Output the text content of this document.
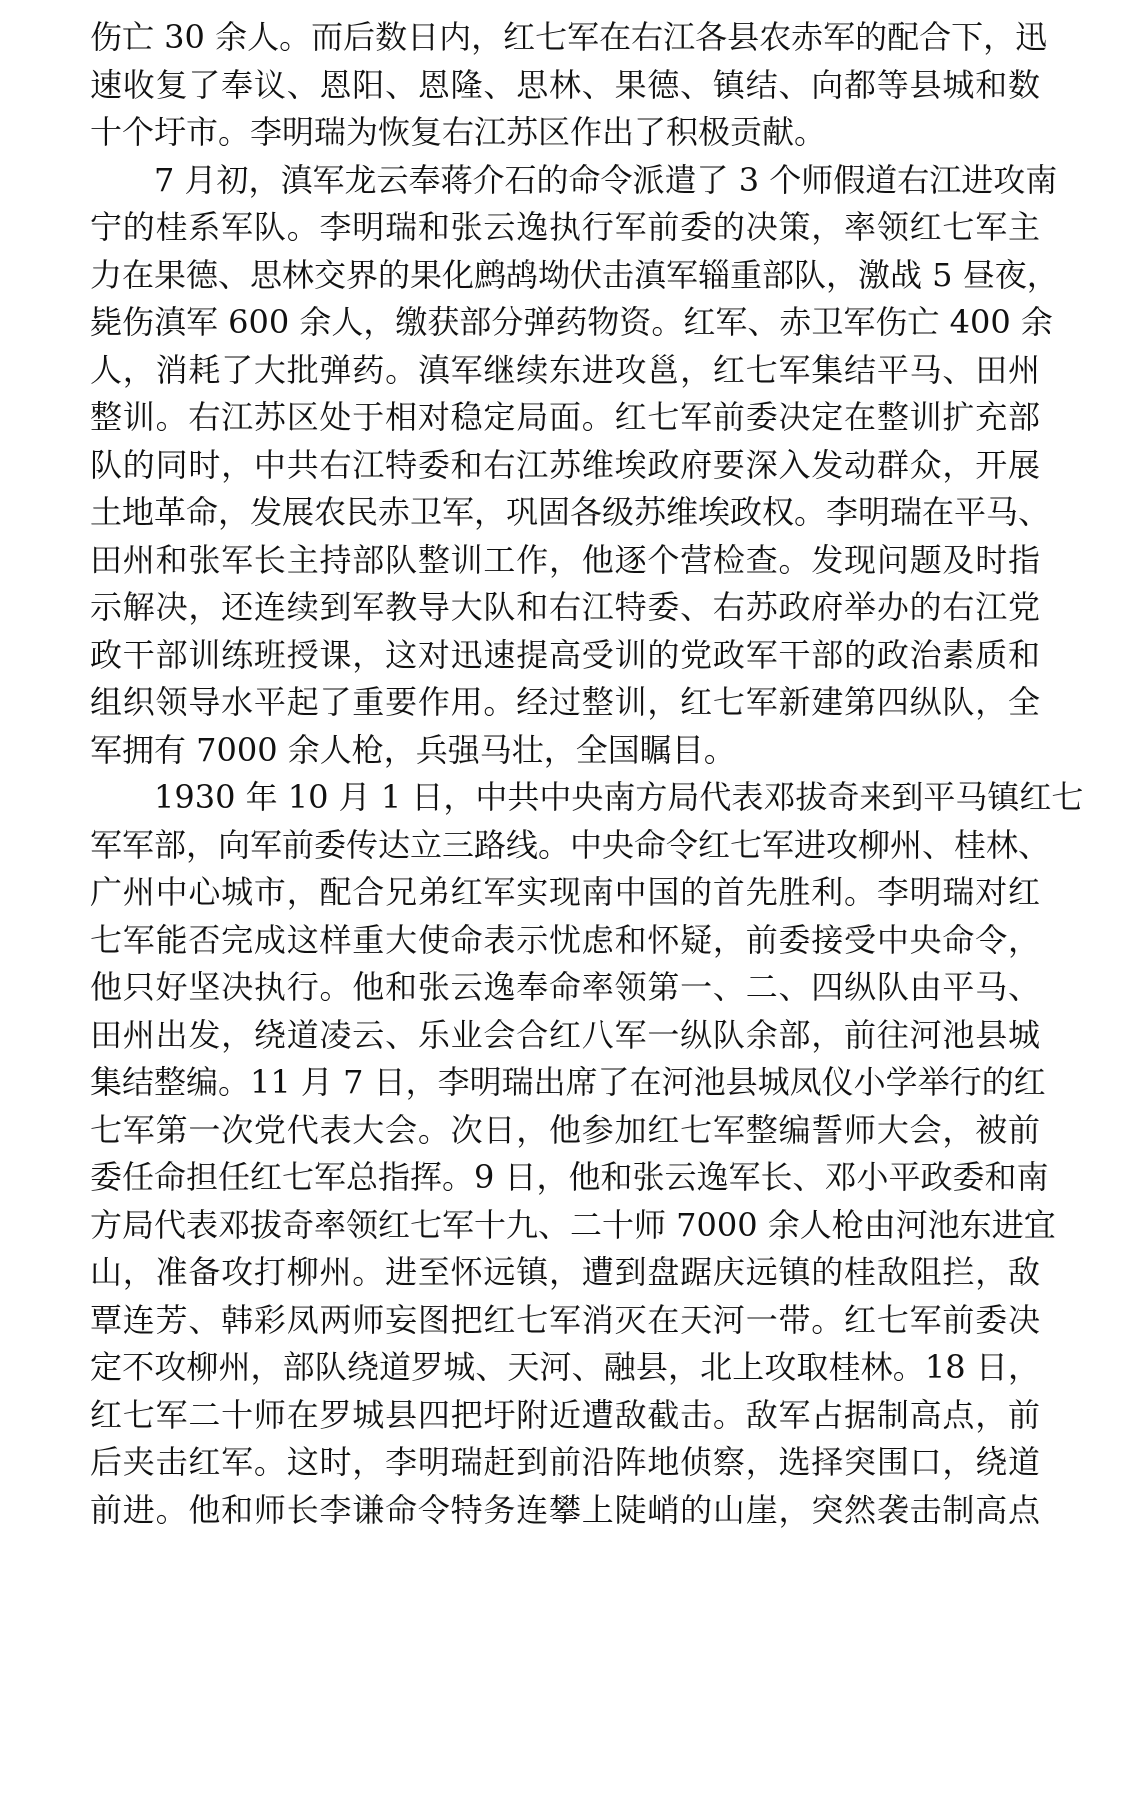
伤亡 30 余人。而后数日内，红七军在右江各县农赤军的配合下，迅
速收复了奉议、恩阳、恩隆、思林、果德、镇结、向都等县城和数
十个圩市。李明瑞为恢复右江苏区作出了积极贡献。
7 月初，滇军龙云奉蒋介石的命令派遣了 3 个师假道右江进攻南
宁的桂系军队。李明瑞和张云逸执行军前委的决策，率领红七军主
力在果德、思林交界的果化鹧鸪坳伏击滇军辎重部队，激战 5 昼夜，
毙伤滇军 600 余人，缴获部分弹药物资。红军、赤卫军伤亡 400 余
人，消耗了大批弹药。滇军继续东进攻邕，红七军集结平马、田州
整训。右江苏区处于相对稳定局面。红七军前委决定在整训扩充部
队的同时，中共右江特委和右江苏维埃政府要深入发动群众，开展
土地革命，发展农民赤卫军，巩固各级苏维埃政权。李明瑞在平马、
田州和张军长主持部队整训工作，他逐个营检查。发现问题及时指
示解决，还连续到军教导大队和右江特委、右苏政府举办的右江党
政干部训练班授课，这对迅速提高受训的党政军干部的政治素质和
组织领导水平起了重要作用。经过整训，红七军新建第四纵队，全
军拥有 7000 余人枪，兵强马壮，全国瞩目。
1930 年 10 月 1 日，中共中央南方局代表邓拔奇来到平马镇红七
军军部，向军前委传达立三路线。中央命令红七军进攻柳州、桂林、
广州中心城市，配合兄弟红军实现南中国的首先胜利。李明瑞对红
七军能否完成这样重大使命表示忧虑和怀疑，前委接受中央命令，
他只好坚决执行。他和张云逸奉命率领第一、二、四纵队由平马、
田州出发，绕道凌云、乐业会合红八军一纵队余部，前往河池县城
集结整编。11 月 7 日，李明瑞出席了在河池县城凤仪小学举行的红
七军第一次党代表大会。次日，他参加红七军整编誓师大会，被前
委任命担任红七军总指挥。9 日，他和张云逸军长、邓小平政委和南
方局代表邓拔奇率领红七军十九、二十师 7000 余人枪由河池东进宜
山，准备攻打柳州。进至怀远镇，遭到盘踞庆远镇的桂敌阻拦，敌
覃连芳、韩彩凤两师妄图把红七军消灭在天河一带。红七军前委决
定不攻柳州，部队绕道罗城、天河、融县，北上攻取桂林。18 日，
红七军二十师在罗城县四把圩附近遭敌截击。敌军占据制高点，前
后夹击红军。这时，李明瑞赶到前沿阵地侦察，选择突围口，绕道
前进。他和师长李谦命令特务连攀上陡峭的山崖，突然袭击制高点
